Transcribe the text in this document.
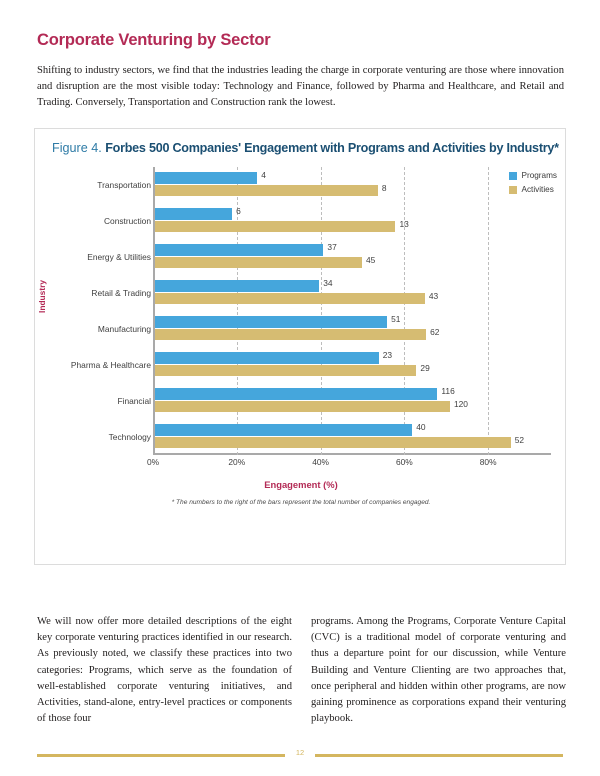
Corporate Venturing by Sector
Shifting to industry sectors, we find that the industries leading the charge in corporate venturing are those where innovation and disruption are the most visible today: Technology and Finance, followed by Pharma and Healthcare, and Retail and Trading. Conversely, Transportation and Construction rank the lowest.
Figure 4. Forbes 500 Companies' Engagement with Programs and Activities by Industry*
Programs
Activities
Industry
Transportation
Construction
Energy & Utilities
Retail & Trading
Manufacturing
Pharma & Healthcare
Financial
Technology
4
8
6
13
37
45
34
43
51
62
23
29
116
120
40
52
0%	20%	40%	60%	80%
Engagement (%)
* The numbers to the right of the bars represent the total number of companies engaged.
We will now offer more detailed descriptions of the eight key corporate venturing practices identified in our research. As previously noted, we classify these practices into two categories: Programs, which serve as the foundation of well-established corporate venturing initiatives, and Activities, stand-alone, entry-level practices or components of those four
programs. Among the Programs, Corporate Venture Capital (CVC) is a traditional model of corporate venturing and thus a departure point for our discussion, while Venture Building and Venture Clienting are two approaches that, once peripheral and hidden within other programs, are now gaining prominence as corporations expand their venturing playbook.
12
